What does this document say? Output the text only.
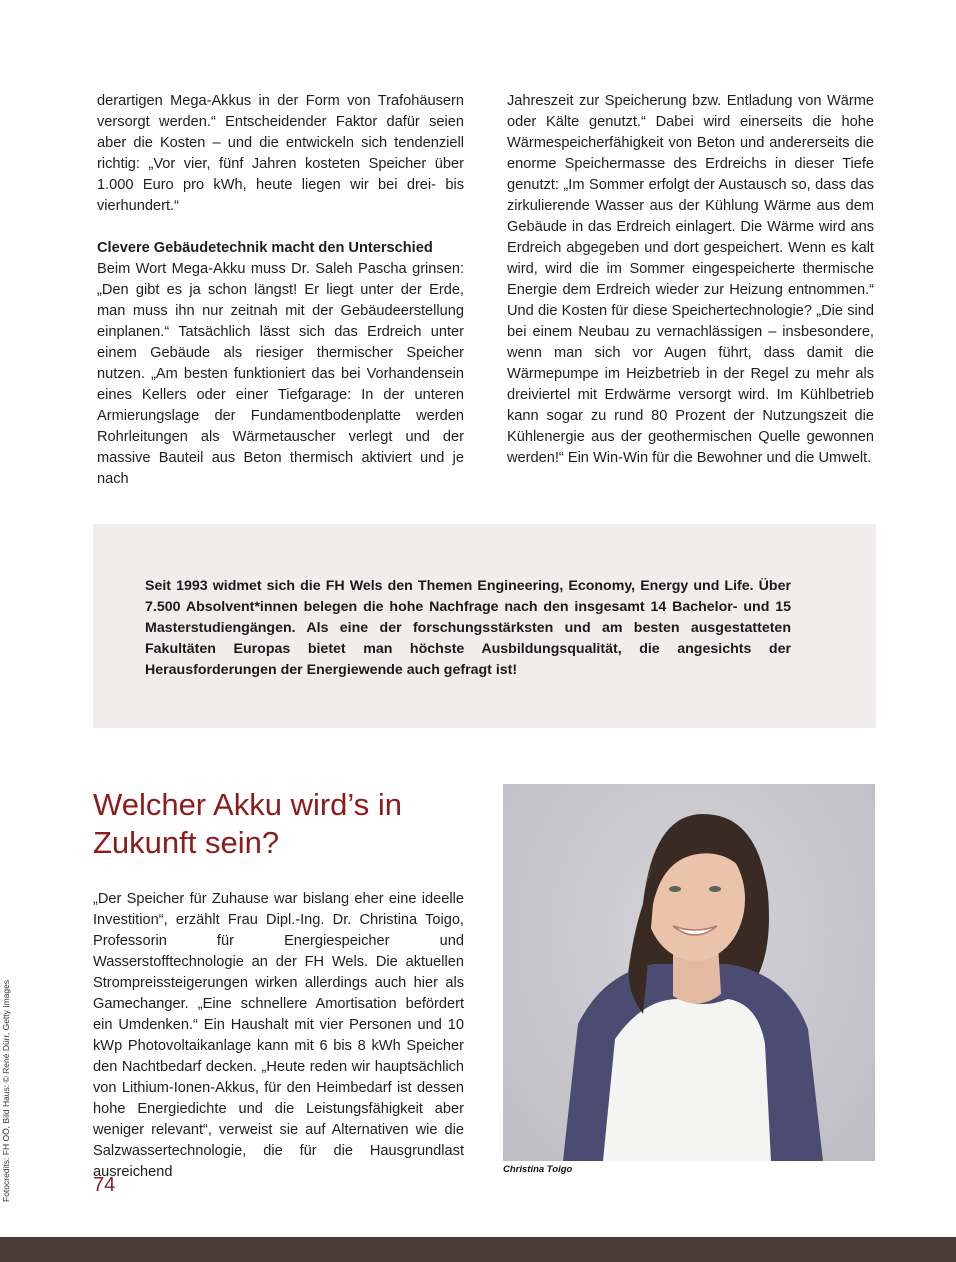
derartigen Mega-Akkus in der Form von Trafohäusern versorgt werden.“ Entscheidender Faktor dafür seien aber die Kosten – und die entwickeln sich tendenziell richtig: „Vor vier, fünf Jahren kosteten Speicher über 1.000 Euro pro kWh, heute liegen wir bei drei- bis vierhundert.“

Clevere Gebäudetechnik macht den Unterschied

Beim Wort Mega-Akku muss Dr. Saleh Pascha grinsen: „Den gibt es ja schon längst! Er liegt unter der Erde, man muss ihn nur zeitnah mit der Gebäudeerstellung einplanen.“ Tatsächlich lässt sich das Erdreich unter einem Gebäude als riesiger thermischer Speicher nutzen. „Am besten funktioniert das bei Vorhandensein eines Kellers oder einer Tiefgarage: In der unteren Armierungslage der Fundamentbodenplatte werden Rohrleitungen als Wärmetauscher verlegt und der massive Bauteil aus Beton thermisch aktiviert und je nach

Jahreszeit zur Speicherung bzw. Entladung von Wärme oder Kälte genutzt.“ Dabei wird einerseits die hohe Wärmespeicherfähigkeit von Beton und andererseits die enorme Speichermasse des Erdreichs in dieser Tiefe genutzt: „Im Sommer erfolgt der Austausch so, dass das zirkulierende Wasser aus der Kühlung Wärme aus dem Gebäude in das Erdreich einlagert. Die Wärme wird ans Erdreich abgegeben und dort gespeichert. Wenn es kalt wird, wird die im Sommer eingespeicherte thermische Energie dem Erdreich wieder zur Heizung entnommen.“ Und die Kosten für diese Speichertechnologie? „Die sind bei einem Neubau zu vernachlässigen – insbesondere, wenn man sich vor Augen führt, dass damit die Wärmepumpe im Heizbetrieb in der Regel zu mehr als dreiviertel mit Erdwärme versorgt wird. Im Kühlbetrieb kann sogar zu rund 80 Prozent der Nutzungszeit die Kühlenergie aus der geothermischen Quelle gewonnen werden!“ Ein Win-Win für die Bewohner und die Umwelt.

Seit 1993 widmet sich die FH Wels den Themen Engineering, Economy, Energy und Life. Über 7.500 Absolvent*innen belegen die hohe Nachfrage nach den insgesamt 14 Bachelor- und 15 Masterstudiengängen. Als eine der forschungsstärksten und am besten ausgestatteten Fakultäten Europas bietet man höchste Ausbildungsqualität, die angesichts der Herausforderungen der Energiewende auch gefragt ist!
Welcher Akku wird’s in Zukunft sein?

„Der Speicher für Zuhause war bislang eher eine ideelle Investition“, erzählt Frau Dipl.-Ing. Dr. Christina Toigo, Professorin für Energiespeicher und Wasserstofftechnologie an der FH Wels. Die aktuellen Strompreissteigerungen wirken allerdings auch hier als Gamechanger. „Eine schnellere Amortisation befördert ein Umdenken.“ Ein Haushalt mit vier Personen und 10 kWp Photovoltaikanlage kann mit 6 bis 8 kWh Speicher den Nachtbedarf decken. „Heute reden wir hauptsächlich von Lithium-Ionen-Akkus, für den Heimbedarf ist dessen hohe Energiedichte und die Leistungsfähigkeit aber weniger relevant“, verweist sie auf Alternativen wie die Salzwassertechnologie, die für die Hausgrundlast ausreichend	Christina Toigo
74
Fotocredits: FH OÖ, Bild Haus: © René Dürr, Getty Images
